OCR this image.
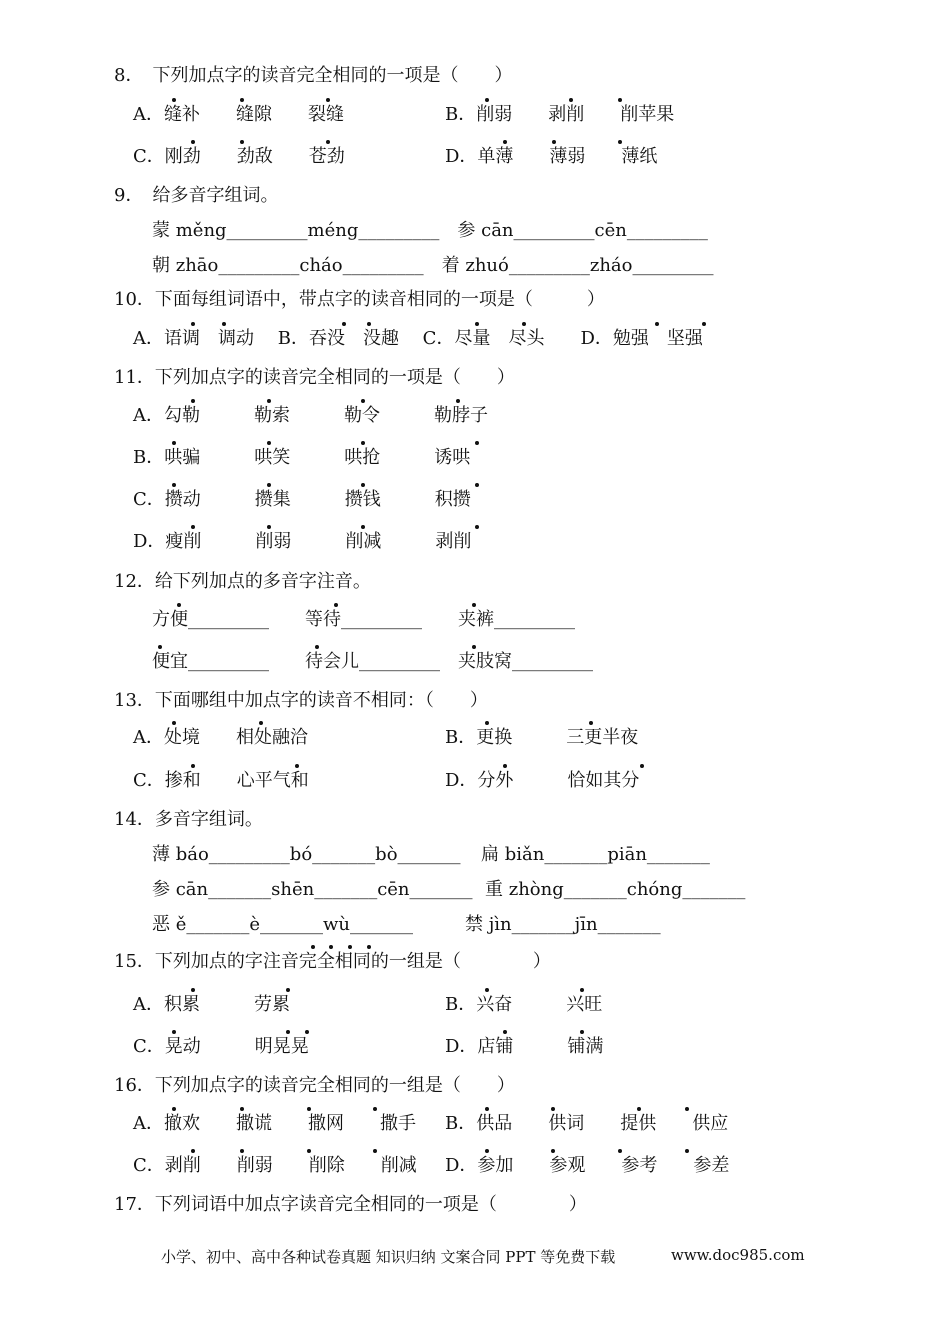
8．　下列加点字的读音完全相同的一项是（　　）
A．缝补　　缝隙　　裂缝	B．削弱　　剥削　　削苹果
C．刚劲　　劲敌　　苍劲	D．单薄　　薄弱　　薄纸
9．　给多音字组词。
蒙 měng_________méng_________　参 cān_________cēn_________
朝 zhāo_________cháo_________　着 zhuó_________zháo_________
10．下面每组词语中，带点字的读音相同的一项是（　　　）
A．语调　调动　 B．吞没　没趣　 C．尽量　尽头　　D．勉强　坚强
11．下列加点字的读音完全相同的一项是（　　）
A．勾勒　　　勒索　　　勒令　　　勒脖子
B．哄骗　　　哄笑　　　哄抢　　　诱哄
C．攒动　　　攒集　　　攒钱　　　积攒
D．瘦削　　　削弱　　　削减　　　剥削
12．给下列加点的多音字注音。
方便_________　　等待_________　　夹裤_________
便宜_________　　待会儿_________　夹肢窝_________
13．下面哪组中加点字的读音不相同：（　　）
A．处境　　相处融洽	B．更换　　　三更半夜
C．掺和　　心平气和	D．分外　　　恰如其分
14．多音字组词。
薄 báo_________bó_______bò_______ 扁 biǎn_______piān_______
参 cān_______shēn_______cēn_______ 重 zhòng_______chóng_______
恶 ě_______è_______wù_______	禁 jìn_______jīn_______
15．下列加点的字注音完全相同的一组是（　　　　）
A．积累　　　劳累	B．兴奋　　　兴旺
C．晃动　　　明晃晃	D．店铺　　　铺满
16．下列加点字的读音完全相同的一组是（　　）
A．撤欢　　撒谎　　撒网　　撒手 B．供品　　供词　　提供　　供应
C．剥削　　削弱　　削除　　削减 D．参加　　参观　　参考　　参差
17．下列词语中加点字读音完全相同的一项是（　　　　）
小学、初中、高中各种试卷真题 知识归纳 文案合同 PPT 等免费下载	www.doc985.com
